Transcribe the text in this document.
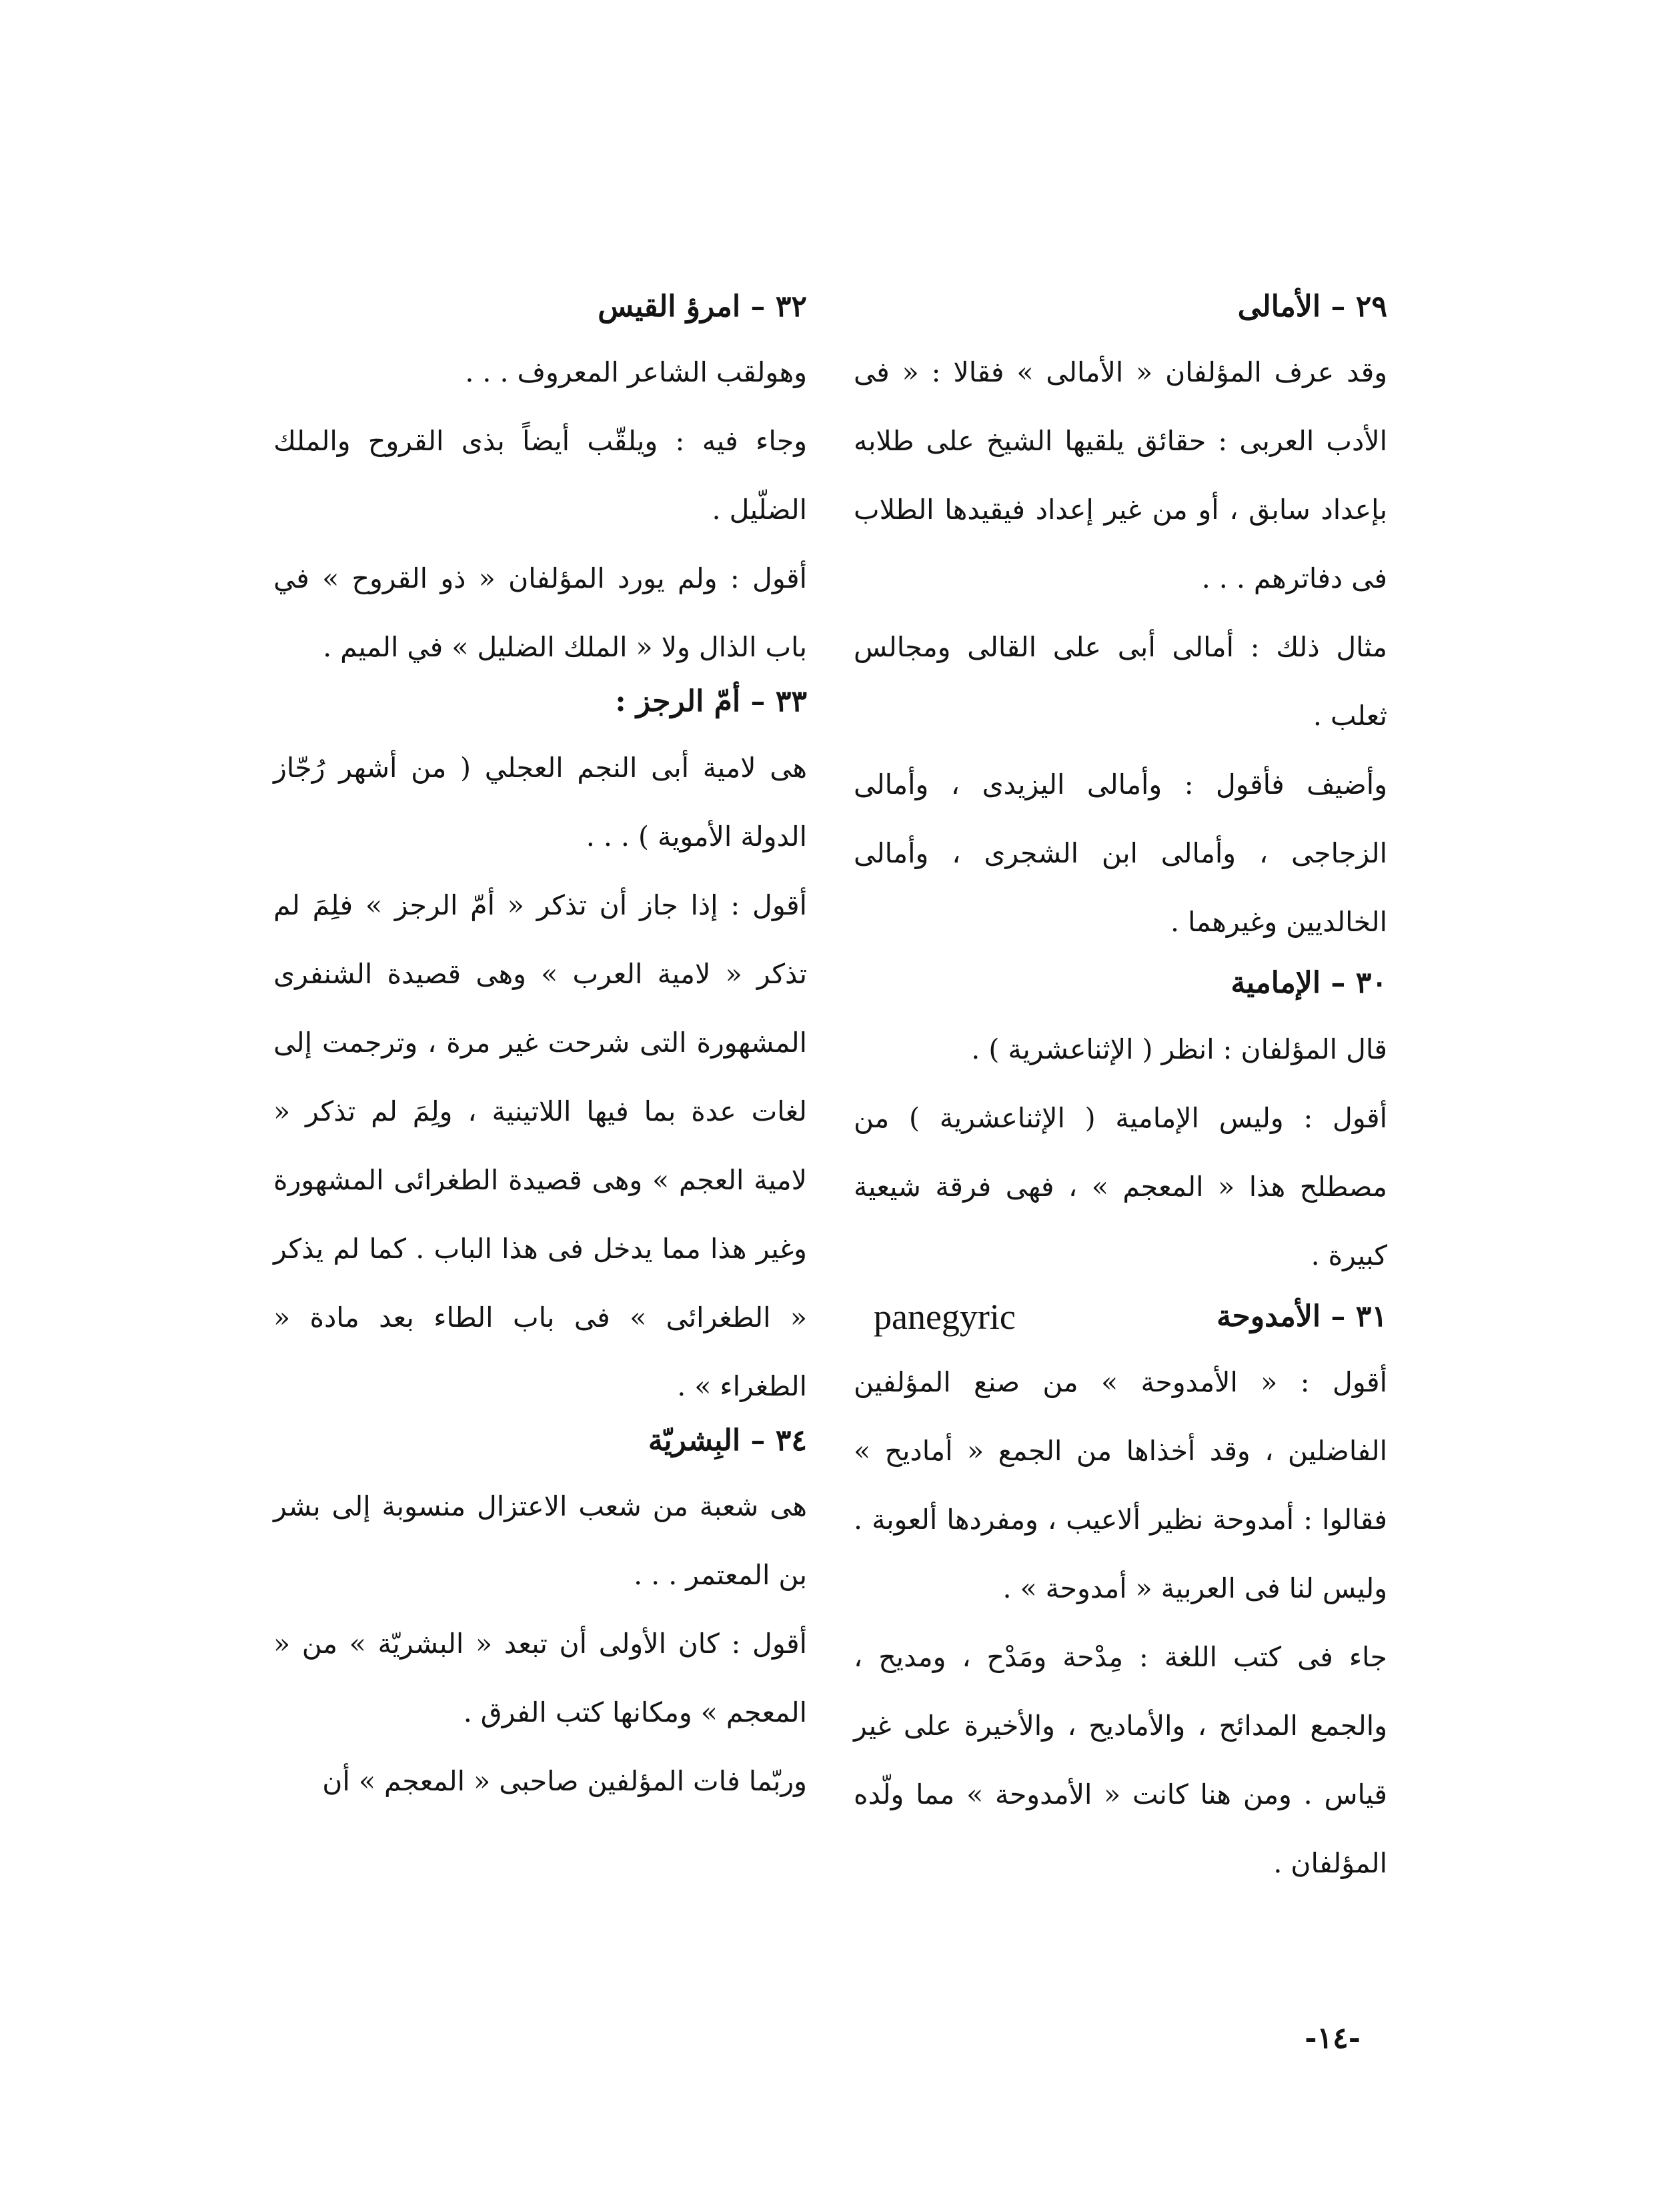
٢٩ – الأمالى

وقد عرف المؤلفان « الأمالى » فقالا : « فى الأدب العربى : حقائق يلقيها الشيخ على طلابه بإعداد سابق ، أو من غير إعداد فيقيدها الطلاب فى دفاترهم . . .

مثال ذلك : أمالى أبى على القالى ومجالس ثعلب .

وأضيف فأقول : وأمالى اليزيدى ، وأمالى الزجاجى ، وأمالى ابن الشجرى ، وأمالى الخالديين وغيرهما .

٣٠ – الإمامية

قال المؤلفان : انظر ( الإثناعشرية ) .

أقول : وليس الإمامية ( الإثناعشرية ) من مصطلح هذا « المعجم » ، فهى فرقة شيعية كبيرة .

٣١ – الأمدوحة
panegyric

أقول : « الأمدوحة » من صنع المؤلفين الفاضلين ، وقد أخذاها من الجمع « أماديح » فقالوا : أمدوحة نظير ألاعيب ، ومفردها ألعوبة . وليس لنا فى العربية « أمدوحة » .

جاء فى كتب اللغة : مِدْحة ومَدْح ، ومديح ، والجمع المدائح ، والأماديح ، والأخيرة على غير قياس . ومن هنا كانت « الأمدوحة » مما ولّده المؤلفان .

٣٢ – امرؤ القيس

وهولقب الشاعر المعروف . . .

وجاء فيه : ويلقّب أيضاً بذى القروح والملك الضلّيل .

أقول : ولم يورد المؤلفان « ذو القروح » في باب الذال ولا « الملك الضليل » في الميم .

٣٣ – أمّ الرجز :

هى لامية أبى النجم العجلي ( من أشهر رُجّاز الدولة الأموية ) . . .

أقول : إذا جاز أن تذكر « أمّ الرجز » فلِمَ لم تذكر « لامية العرب » وهى قصيدة الشنفرى المشهورة التى شرحت غير مرة ، وترجمت إلى لغات عدة بما فيها اللاتينية ، ولِمَ لم تذكر « لامية العجم » وهى قصيدة الطغرائى المشهورة وغير هذا مما يدخل فى هذا الباب . كما لم يذكر « الطغرائى » فى باب الطاء بعد مادة « الطغراء » .

٣٤ – البِشريّة

هى شعبة من شعب الاعتزال منسوبة إلى بشر بن المعتمر . . .

أقول : كان الأولى أن تبعد « البشريّة » من « المعجم » ومكانها كتب الفرق .

وربّما فات المؤلفين صاحبى « المعجم » أن

-١٤-
